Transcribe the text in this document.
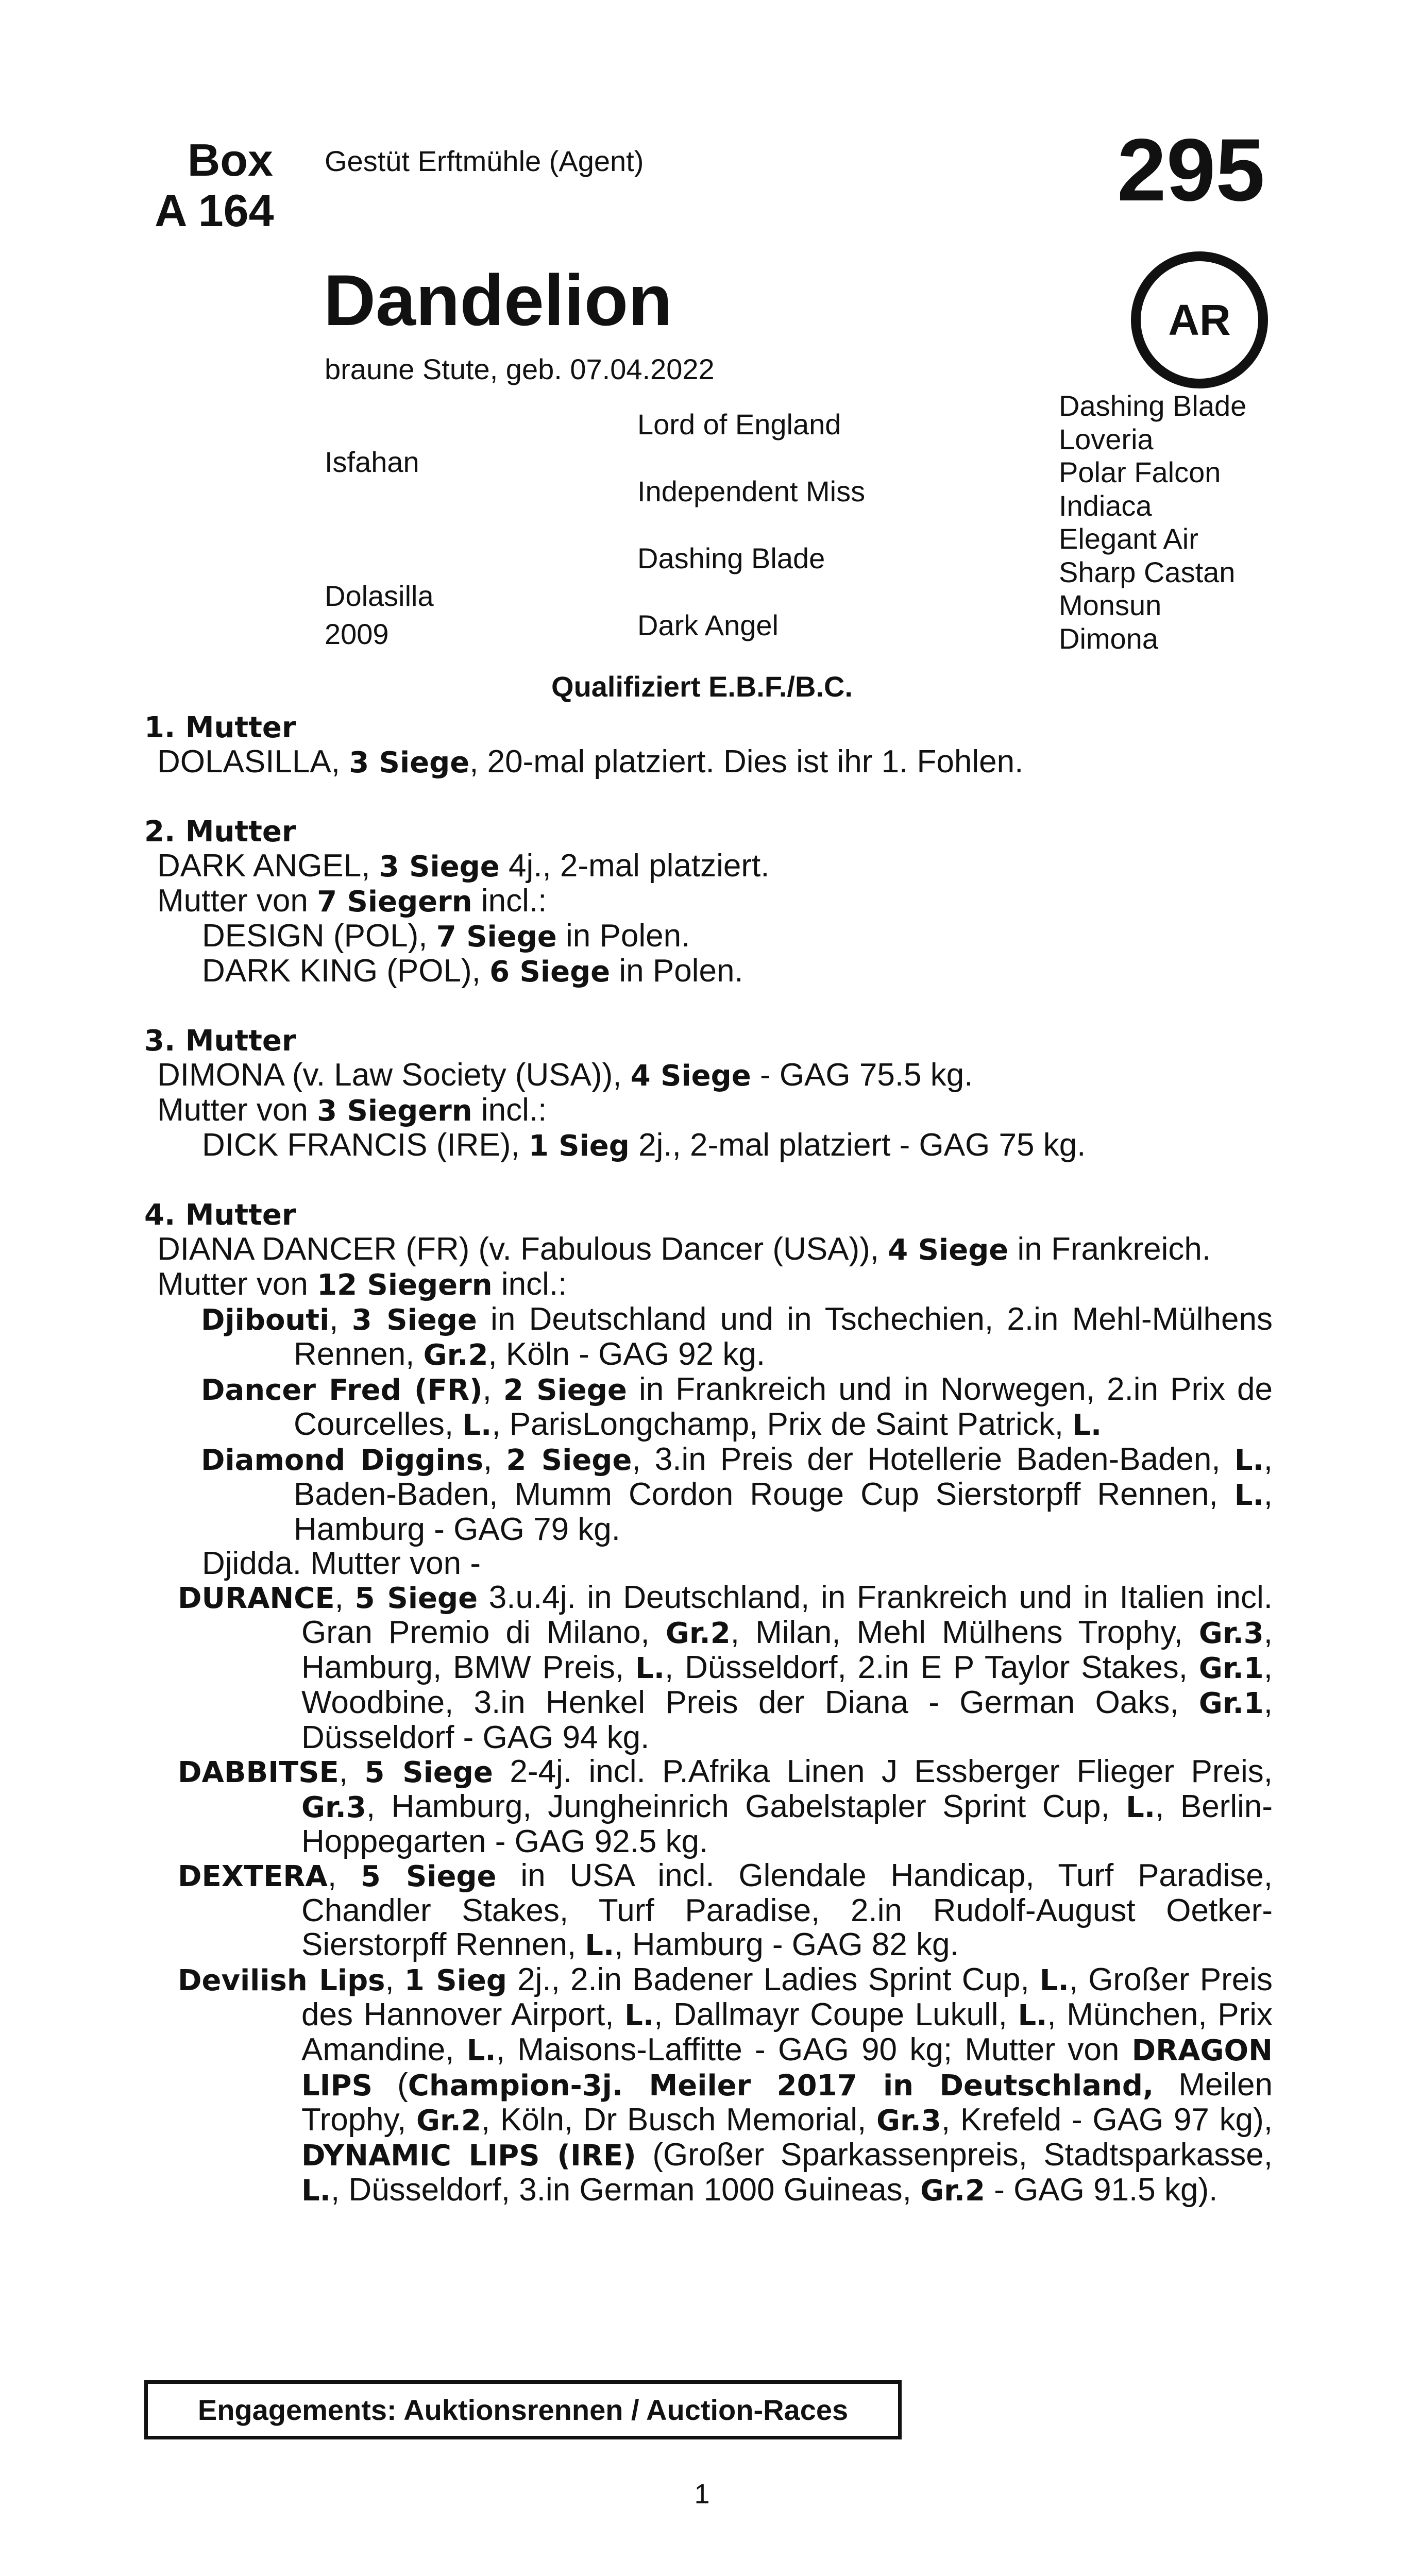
Box
A 164
Gestüt Erftmühle (Agent)	295
AR
Dandelion
braune Stute, geb. 07.04.2022
Isfahan
Dolasilla
2009
Lord of England
Independent Miss
Dashing Blade
Dark Angel
Dashing Blade
Loveria
Polar Falcon
Indiaca
Elegant Air
Sharp Castan
Monsun
Dimona
Qualifiziert E.B.F./B.C.
1. Mutter

DOLASILLA, 3 Siege, 20-mal platziert. Dies ist ihr 1. Fohlen.

2. Mutter

DARK ANGEL, 3 Siege 4j., 2-mal platziert.

Mutter von 7 Siegern incl.:

DESIGN (POL), 7 Siege in Polen.

DARK KING (POL), 6 Siege in Polen.

3. Mutter

DIMONA (v. Law Society (USA)), 4 Siege - GAG 75.5 kg.

Mutter von 3 Siegern incl.:

DICK FRANCIS (IRE), 1 Sieg 2j., 2-mal platziert - GAG 75 kg.

4. Mutter

DIANA DANCER (FR) (v. Fabulous Dancer (USA)), 4 Siege in Frankreich.

Mutter von 12 Siegern incl.:

Djibouti, 3 Siege in Deutschland und in Tschechien, 2.in Mehl-Mülhens Rennen, Gr.2, Köln - GAG 92 kg.

Dancer Fred (FR), 2 Siege in Frankreich und in Norwegen, 2.in Prix de Courcelles, L., ParisLongchamp, Prix de Saint Patrick, L.

Diamond Diggins, 2 Siege, 3.in Preis der Hotellerie Baden-Baden, L., Baden-Baden, Mumm Cordon Rouge Cup Sierstorpff Rennen, L., Hamburg - GAG 79 kg.

Djidda. Mutter von -

DURANCE, 5 Siege 3.u.4j. in Deutschland, in Frankreich und in Italien incl. Gran Premio di Milano, Gr.2, Milan, Mehl Mülhens Trophy, Gr.3, Hamburg, BMW Preis, L., Düsseldorf, 2.in E P Taylor Stakes, Gr.1, Woodbine, 3.in Henkel Preis der Diana - German Oaks, Gr.1, Düsseldorf - GAG 94 kg.

DABBITSE, 5 Siege 2-4j. incl. P.Afrika Linen J Essberger Flieger Preis, Gr.3, Hamburg, Jungheinrich Gabelstapler Sprint Cup, L., Berlin-Hoppegarten - GAG 92.5 kg.

DEXTERA, 5 Siege in USA incl. Glendale Handicap, Turf Paradise, Chandler Stakes, Turf Paradise, 2.in Rudolf-August Oetker-Sierstorpff Rennen, L., Hamburg - GAG 82 kg.

Devilish Lips, 1 Sieg 2j., 2.in Badener Ladies Sprint Cup, L., Großer Preis des Hannover Airport, L., Dallmayr Coupe Lukull, L., München, Prix Amandine, L., Maisons-Laffitte - GAG 90 kg; Mutter von DRAGON LIPS (Champion-3j. Meiler 2017 in Deutschland, Meilen Trophy, Gr.2, Köln, Dr Busch Memorial, Gr.3, Krefeld - GAG 97 kg), DYNAMIC LIPS (IRE) (Großer Sparkassenpreis, Stadtsparkasse, L., Düsseldorf, 3.in German 1000 Guineas, Gr.2 - GAG 91.5 kg).

Engagements: Auktionsrennen / Auction-Races
1
